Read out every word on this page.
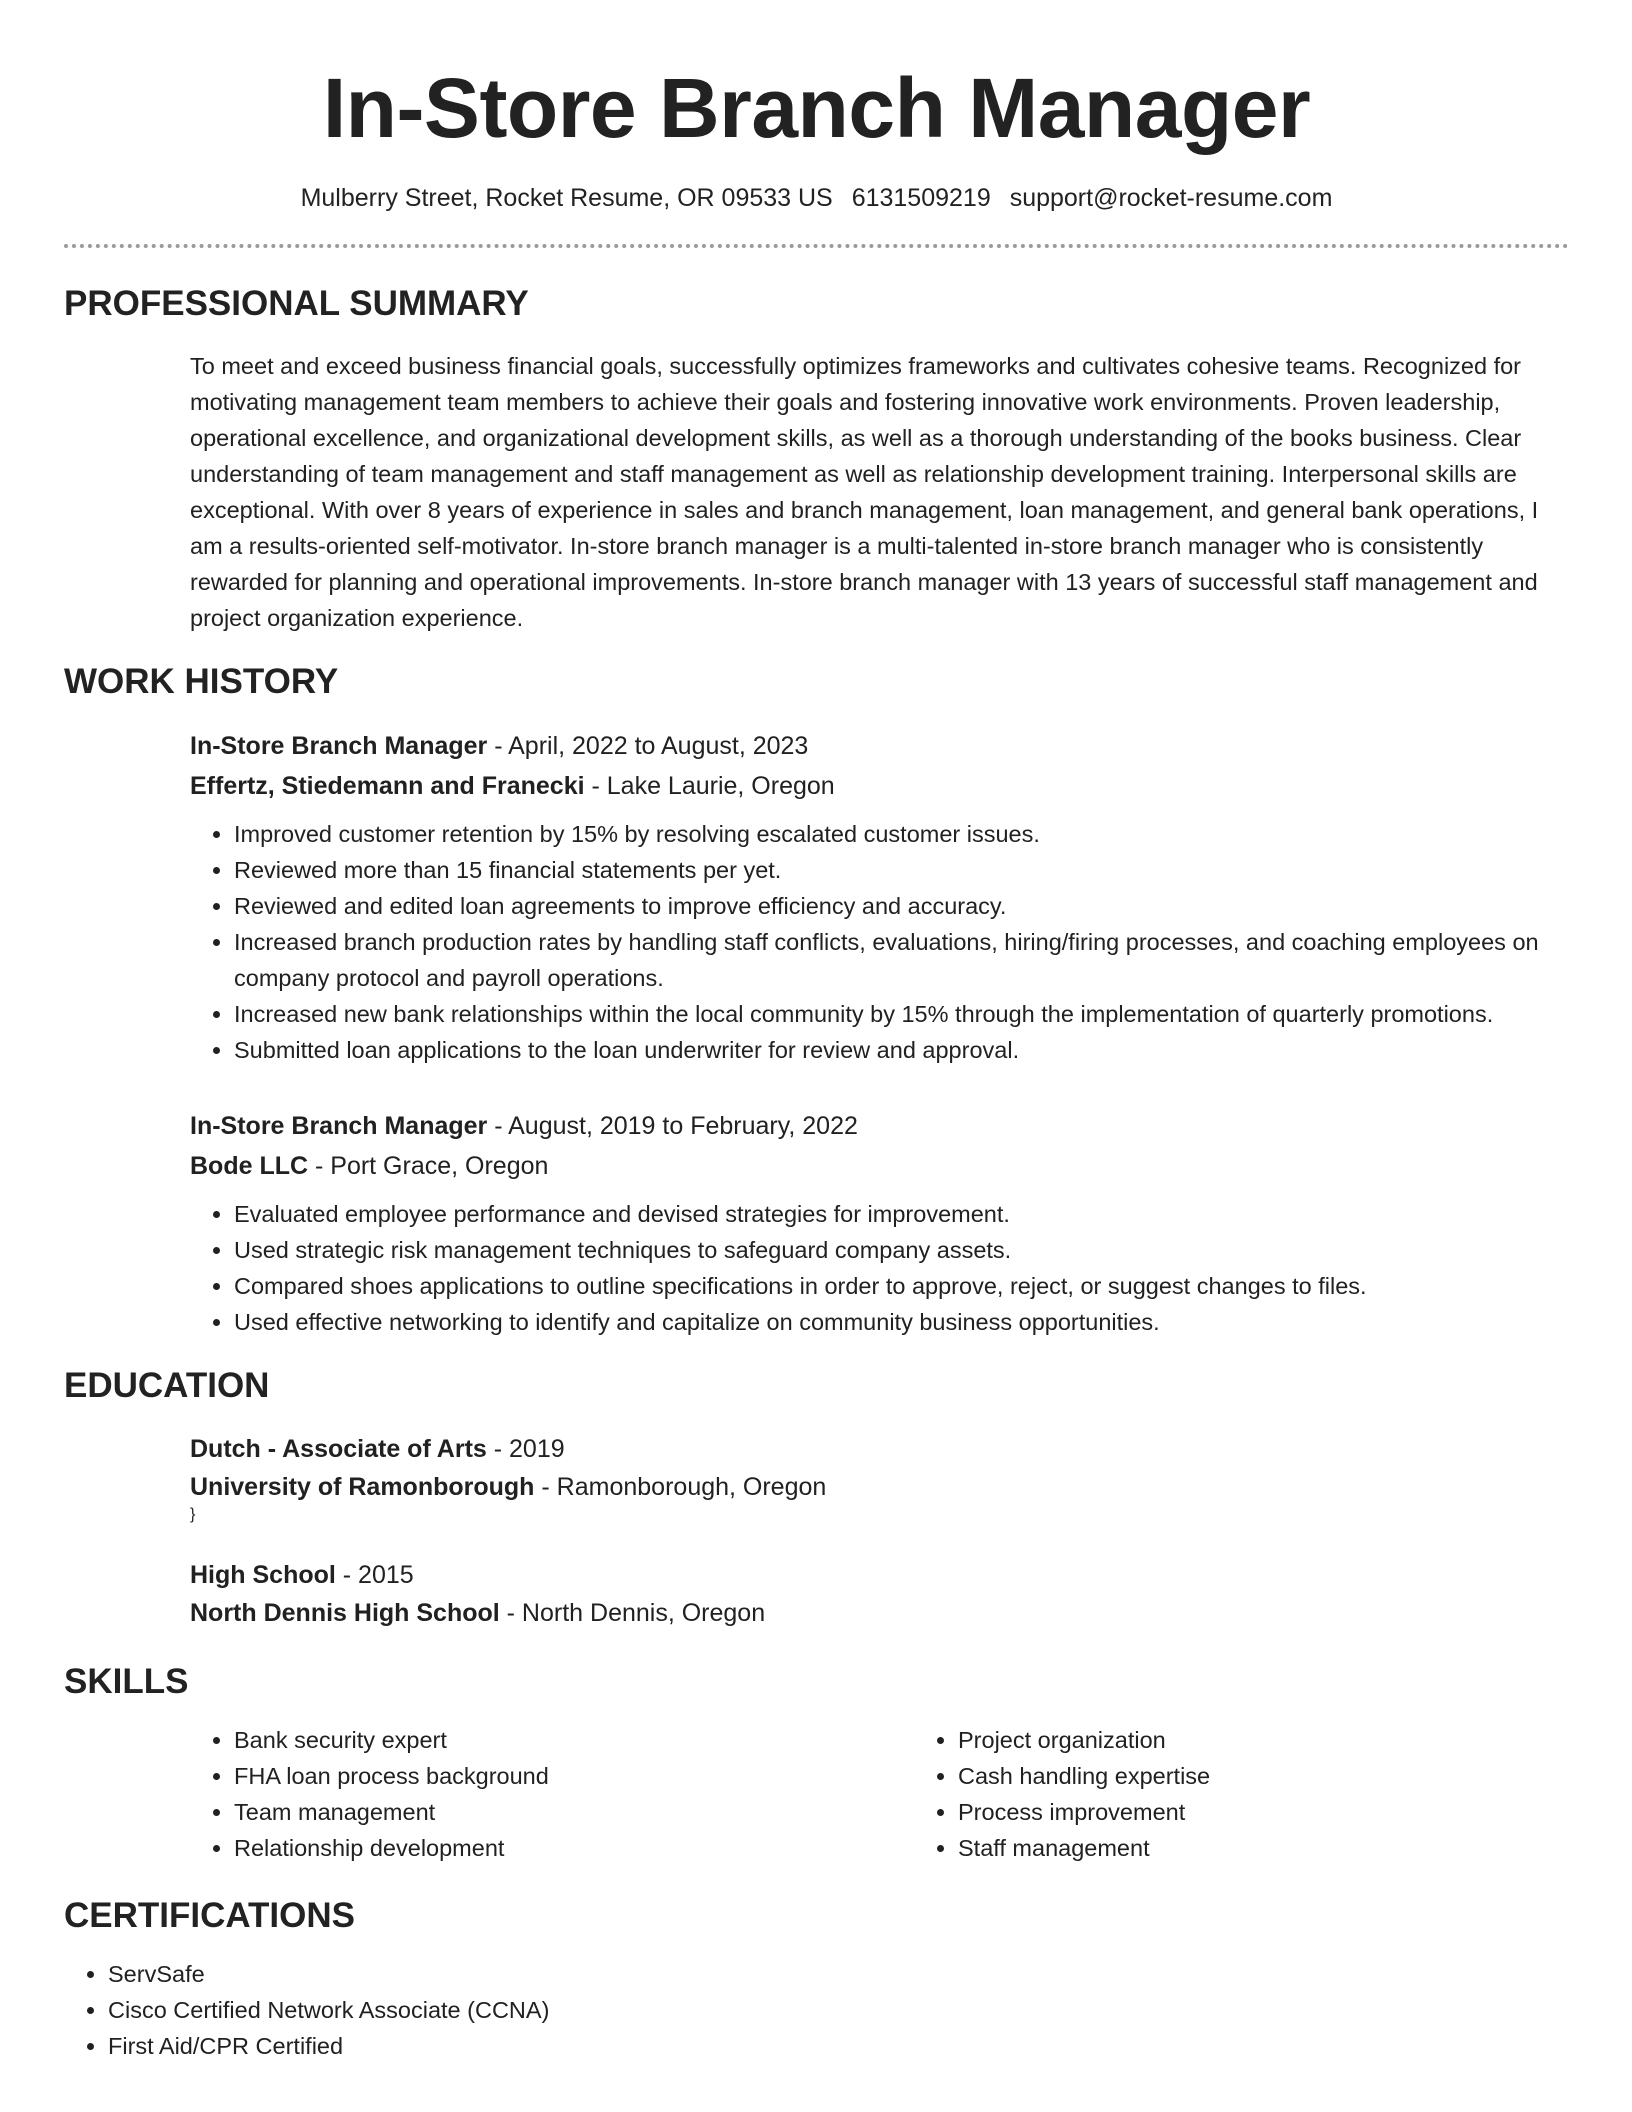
In-Store Branch Manager
Mulberry Street, Rocket Resume, OR 09533 US 6131509219 support@rocket-resume.com
PROFESSIONAL SUMMARY

To meet and exceed business financial goals, successfully optimizes frameworks and cultivates cohesive teams. Recognized for motivating management team members to achieve their goals and fostering innovative work environments. Proven leadership, operational excellence, and organizational development skills, as well as a thorough understanding of the books business. Clear understanding of team management and staff management as well as relationship development training. Interpersonal skills are exceptional. With over 8 years of experience in sales and branch management, loan management, and general bank operations, I am a results-oriented self-motivator. In-store branch manager is a multi-talented in-store branch manager who is consistently rewarded for planning and operational improvements. In-store branch manager with 13 years of successful staff management and project organization experience.

WORK HISTORY
In-Store Branch Manager - April, 2022 to August, 2023
Effertz, Stiedemann and Franecki - Lake Laurie, Oregon
• Improved customer retention by 15% by resolving escalated customer issues.
• Reviewed more than 15 financial statements per yet.
• Reviewed and edited loan agreements to improve efficiency and accuracy.
• Increased branch production rates by handling staff conflicts, evaluations, hiring/firing processes, and coaching employees on company protocol and payroll operations.
• Increased new bank relationships within the local community by 15% through the implementation of quarterly promotions.
• Submitted loan applications to the loan underwriter for review and approval.
In-Store Branch Manager - August, 2019 to February, 2022
Bode LLC - Port Grace, Oregon
• Evaluated employee performance and devised strategies for improvement.
• Used strategic risk management techniques to safeguard company assets.
• Compared shoes applications to outline specifications in order to approve, reject, or suggest changes to files.
• Used effective networking to identify and capitalize on community business opportunities.
EDUCATION
Dutch - Associate of Arts - 2019
University of Ramonborough - Ramonborough, Oregon
}
High School - 2015
North Dennis High School - North Dennis, Oregon
SKILLS
• Bank security expert
• FHA loan process background
• Team management
• Relationship development
• Project organization
• Cash handling expertise
• Process improvement
• Staff management
CERTIFICATIONS
• ServSafe
• Cisco Certified Network Associate (CCNA)
• First Aid/CPR Certified
